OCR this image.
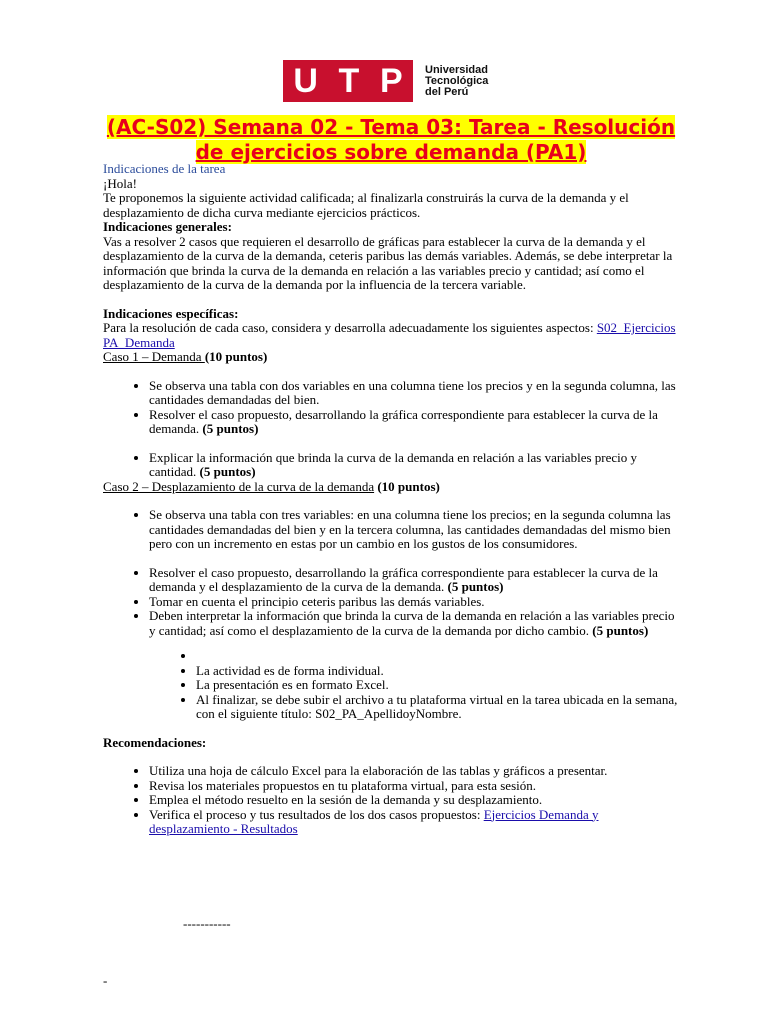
U T P Universidad
Tecnológica
del Perú
(AC-S02) Semana 02 - Tema 03: Tarea - Resolución de ejercicios sobre demanda (PA1)

Indicaciones de la tarea

¡Hola!

Te proponemos la siguiente actividad calificada; al finalizarla construirás la curva de la demanda y el desplazamiento de dicha curva mediante ejercicios prácticos.

Indicaciones generales:

Vas a resolver 2 casos que requieren el desarrollo de gráficas para establecer la curva de la demanda y el desplazamiento de la curva de la demanda, ceteris paribus las demás variables. Además, se debe interpretar la información que brinda la curva de la demanda en relación a las variables precio y cantidad; así como el desplazamiento de la curva de la demanda por la influencia de la tercera variable.

Indicaciones específicas:

Para la resolución de cada caso, considera y desarrolla adecuadamente los siguientes aspectos: S02_Ejercicios PA_Demanda

Caso 1 – Demanda (10 puntos)

• Se observa una tabla con dos variables en una columna tiene los precios y en la segunda columna, las cantidades demandadas del bien.
• Resolver el caso propuesto, desarrollando la gráfica correspondiente para establecer la curva de la demanda. (5 puntos)
• Explicar la información que brinda la curva de la demanda en relación a las variables precio y cantidad. (5 puntos)

Caso 2 – Desplazamiento de la curva de la demanda (10 puntos)

• Se observa una tabla con tres variables: en una columna tiene los precios; en la segunda columna las cantidades demandadas del bien y en la tercera columna, las cantidades demandadas del mismo bien pero con un incremento en estas por un cambio en los gustos de los consumidores.
• Resolver el caso propuesto, desarrollando la gráfica correspondiente para establecer la curva de la demanda y el desplazamiento de la curva de la demanda. (5 puntos)
• Tomar en cuenta el principio ceteris paribus las demás variables.
• Deben interpretar la información que brinda la curva de la demanda en relación a las variables precio y cantidad; así como el desplazamiento de la curva de la demanda por dicho cambio. (5 puntos)
•
• La actividad es de forma individual.
• La presentación es en formato Excel.
• Al finalizar, se debe subir el archivo a tu plataforma virtual en la tarea ubicada en la semana, con el siguiente título: S02_PA_ApellidoyNombre.

Recomendaciones:

• Utiliza una hoja de cálculo Excel para la elaboración de las tablas y gráficos a presentar.
• Revisa los materiales propuestos en tu plataforma virtual, para esta sesión.
• Emplea el método resuelto en la sesión de la demanda y su desplazamiento.
• Verifica el proceso y tus resultados de los dos casos propuestos: Ejercicios Demanda y desplazamiento - Resultados
-----------
-
